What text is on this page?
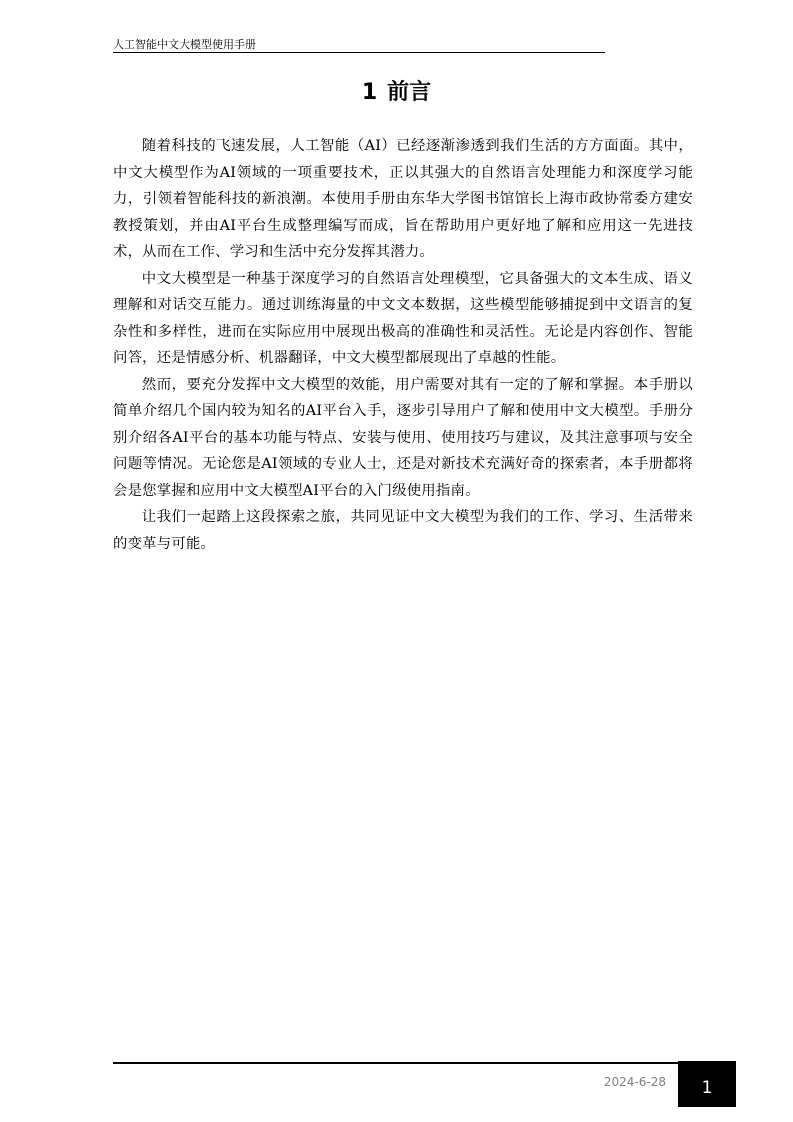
人工智能中文大模型使用手册
1 前言

随着科技的飞速发展，人工智能（AI）已经逐渐渗透到我们生活的方方面面。其中，中文大模型作为AI领域的一项重要技术，正以其强大的自然语言处理能力和深度学习能力，引领着智能科技的新浪潮。本使用手册由东华大学图书馆馆长上海市政协常委方建安教授策划，并由AI平台生成整理编写而成，旨在帮助用户更好地了解和应用这一先进技术，从而在工作、学习和生活中充分发挥其潜力。

中文大模型是一种基于深度学习的自然语言处理模型，它具备强大的文本生成、语义理解和对话交互能力。通过训练海量的中文文本数据，这些模型能够捕捉到中文语言的复杂性和多样性，进而在实际应用中展现出极高的准确性和灵活性。无论是内容创作、智能问答，还是情感分析、机器翻译，中文大模型都展现出了卓越的性能。

然而，要充分发挥中文大模型的效能，用户需要对其有一定的了解和掌握。本手册以简单介绍几个国内较为知名的AI平台入手，逐步引导用户了解和使用中文大模型。手册分别介绍各AI平台的基本功能与特点、安装与使用、使用技巧与建议，及其注意事项与安全问题等情况。无论您是AI领域的专业人士，还是对新技术充满好奇的探索者，本手册都将会是您掌握和应用中文大模型AI平台的入门级使用指南。

让我们一起踏上这段探索之旅，共同见证中文大模型为我们的工作、学习、生活带来的变革与可能。

2024-6-28	1
